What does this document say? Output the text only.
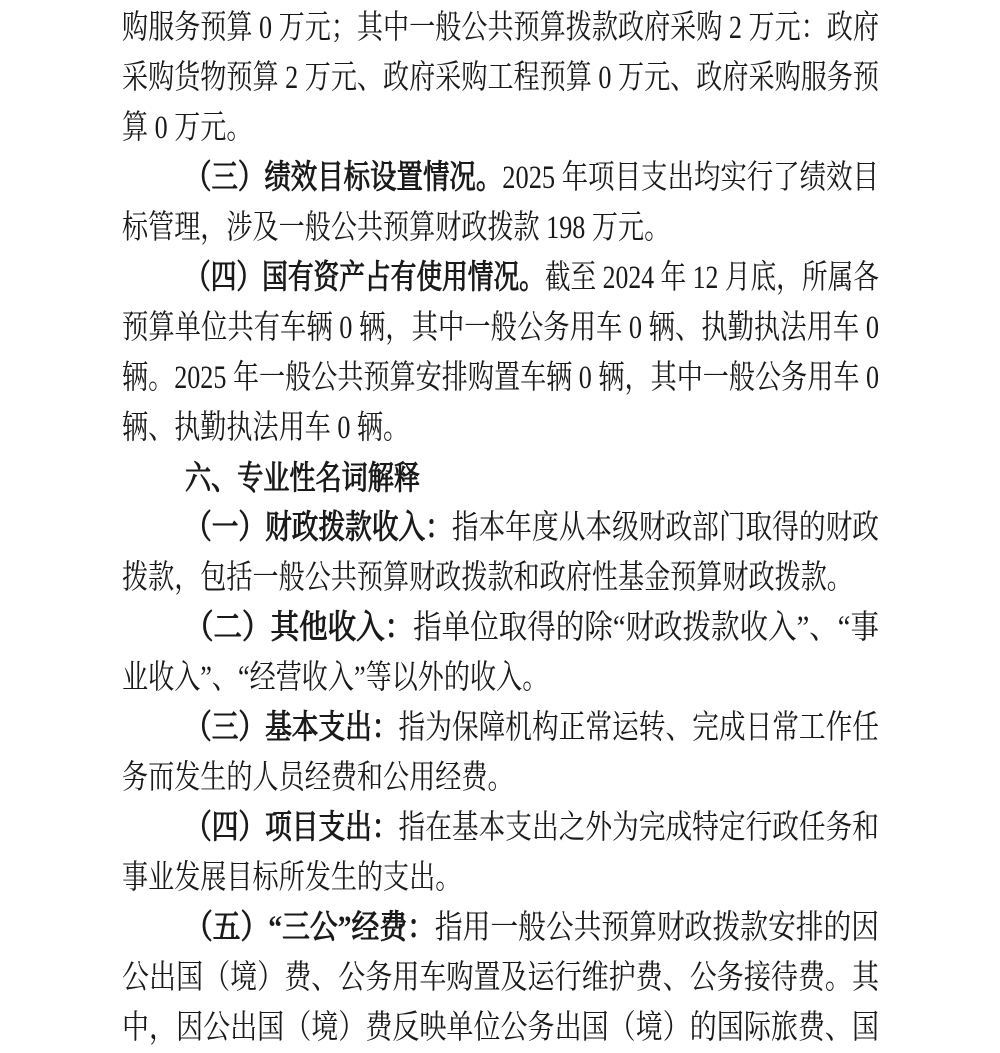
购服务预算 0 万元；其中一般公共预算拨款政府采购 2 万元：政府
采购货物预算 2 万元、政府采购工程预算 0 万元、政府采购服务预
算 0 万元。
（三）绩效目标设置情况。2025 年项目支出均实行了绩效目
标管理，涉及一般公共预算财政拨款 198 万元。
（四）国有资产占有使用情况。截至 2024 年 12 月底，所属各
预算单位共有车辆 0 辆，其中一般公务用车 0 辆、执勤执法用车 0
辆。2025 年一般公共预算安排购置车辆 0 辆，其中一般公务用车 0
辆、执勤执法用车 0 辆。
六、专业性名词解释
（一）财政拨款收入：指本年度从本级财政部门取得的财政
拨款，包括一般公共预算财政拨款和政府性基金预算财政拨款。
（二）其他收入：指单位取得的除“财政拨款收入”、“事
业收入”、“经营收入”等以外的收入。
（三）基本支出：指为保障机构正常运转、完成日常工作任
务而发生的人员经费和公用经费。
（四）项目支出：指在基本支出之外为完成特定行政任务和
事业发展目标所发生的支出。
（五）“三公”经费：指用一般公共预算财政拨款安排的因
公出国（境）费、公务用车购置及运行维护费、公务接待费。其
中，因公出国（境）费反映单位公务出国（境）的国际旅费、国
